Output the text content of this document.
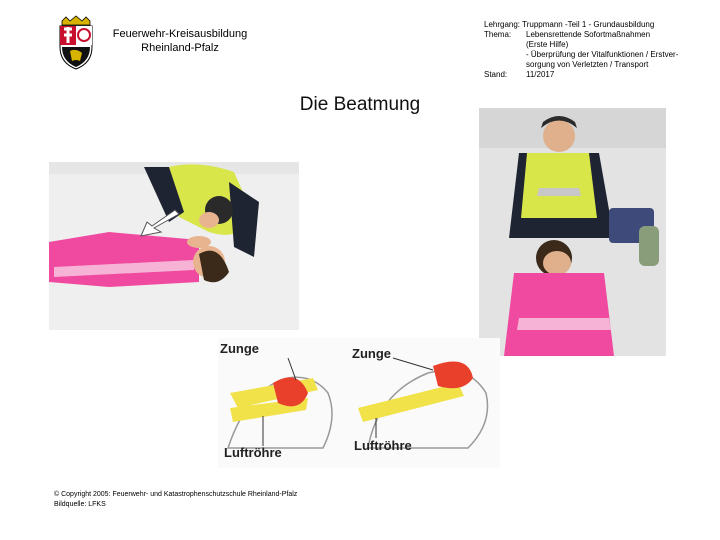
Feuerwehr-Kreisausbildung
Rheinland-Pfalz
Lehrgang: Truppmann -Teil 1 - Grundausbildung
Thema: Lebensrettende Sofortmaßnahmen
(Erste Hilfe)
- Überprüfung der Vitalfunktionen / Erstver-
sorgung von Verletzten / Transport
Stand: 11/2017
Die Beatmung
Zunge
Luftröhre
Zunge
Luftröhre
© Copyright 2005: Feuerwehr- und Katastrophenschutzschule Rheinland-Pfalz
Bildquelle: LFKS
